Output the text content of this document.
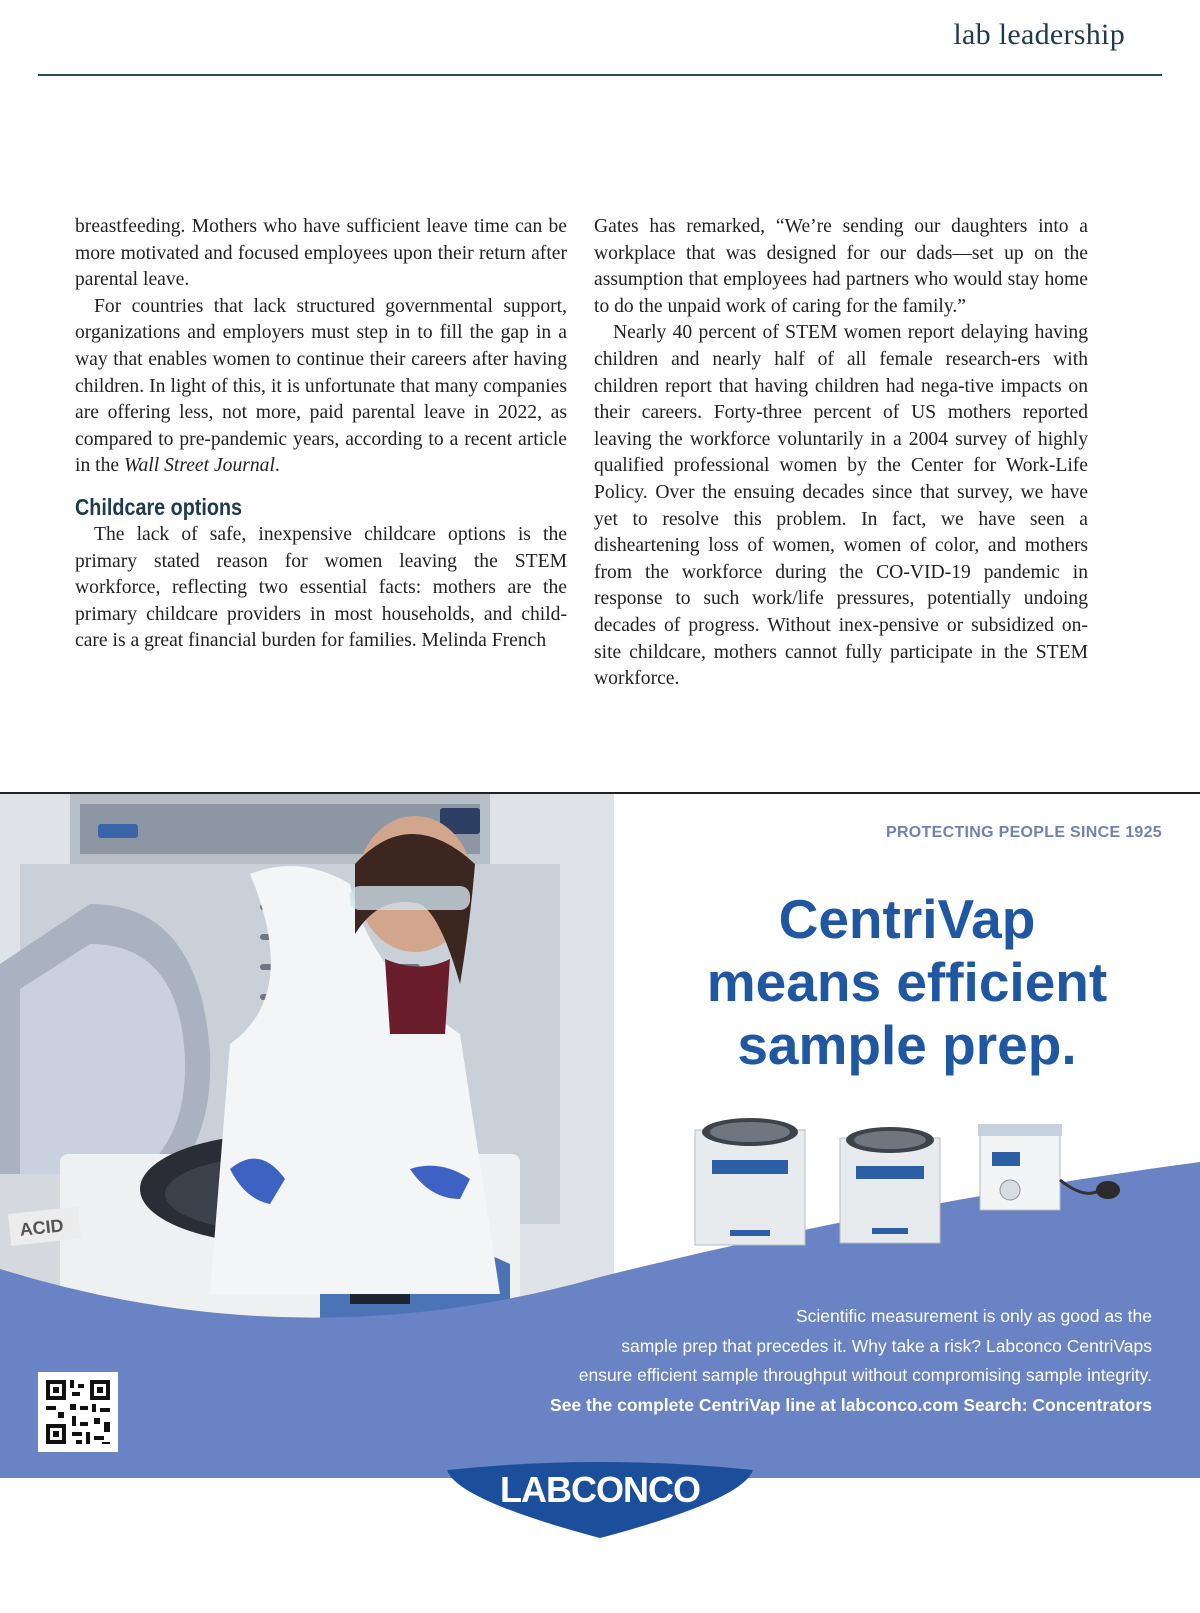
lab leadership

breastfeeding. Mothers who have sufficient leave time can be more motivated and focused employees upon their return after parental leave.

For countries that lack structured governmental support, organizations and employers must step in to fill the gap in a way that enables women to continue their careers after having children. In light of this, it is unfortunate that many companies are offering less, not more, paid parental leave in 2022, as compared to pre-pandemic years, according to a recent article in the Wall Street Journal.

Childcare options

The lack of safe, inexpensive childcare options is the primary stated reason for women leaving the STEM workforce, reflecting two essential facts: mothers are the primary childcare providers in most households, and child-care is a great financial burden for families. Melinda French

Gates has remarked, “We’re sending our daughters into a workplace that was designed for our dads—set up on the assumption that employees had partners who would stay home to do the unpaid work of caring for the family.”

Nearly 40 percent of STEM women report delaying having children and nearly half of all female research-ers with children report that having children had nega-tive impacts on their careers. Forty-three percent of US mothers reported leaving the workforce voluntarily in a 2004 survey of highly qualified professional women by the Center for Work-Life Policy. Over the ensuing decades since that survey, we have yet to resolve this problem. In fact, we have seen a disheartening loss of women, women of color, and mothers from the workforce during the CO-VID-19 pandemic in response to such work/life pressures, potentially undoing decades of progress. Without inex-pensive or subsidized on-site childcare, mothers cannot fully participate in the STEM workforce.

ACID
PROTECTING PEOPLE SINCE 1925
CentriVap
means efficient
sample prep.
Scientific measurement is only as good as the
sample prep that precedes it. Why take a risk? Labconco CentriVaps
ensure efficient sample throughput without compromising sample integrity.
See the complete CentriVap line at labconco.com Search: Concentrators
LABCONCO
